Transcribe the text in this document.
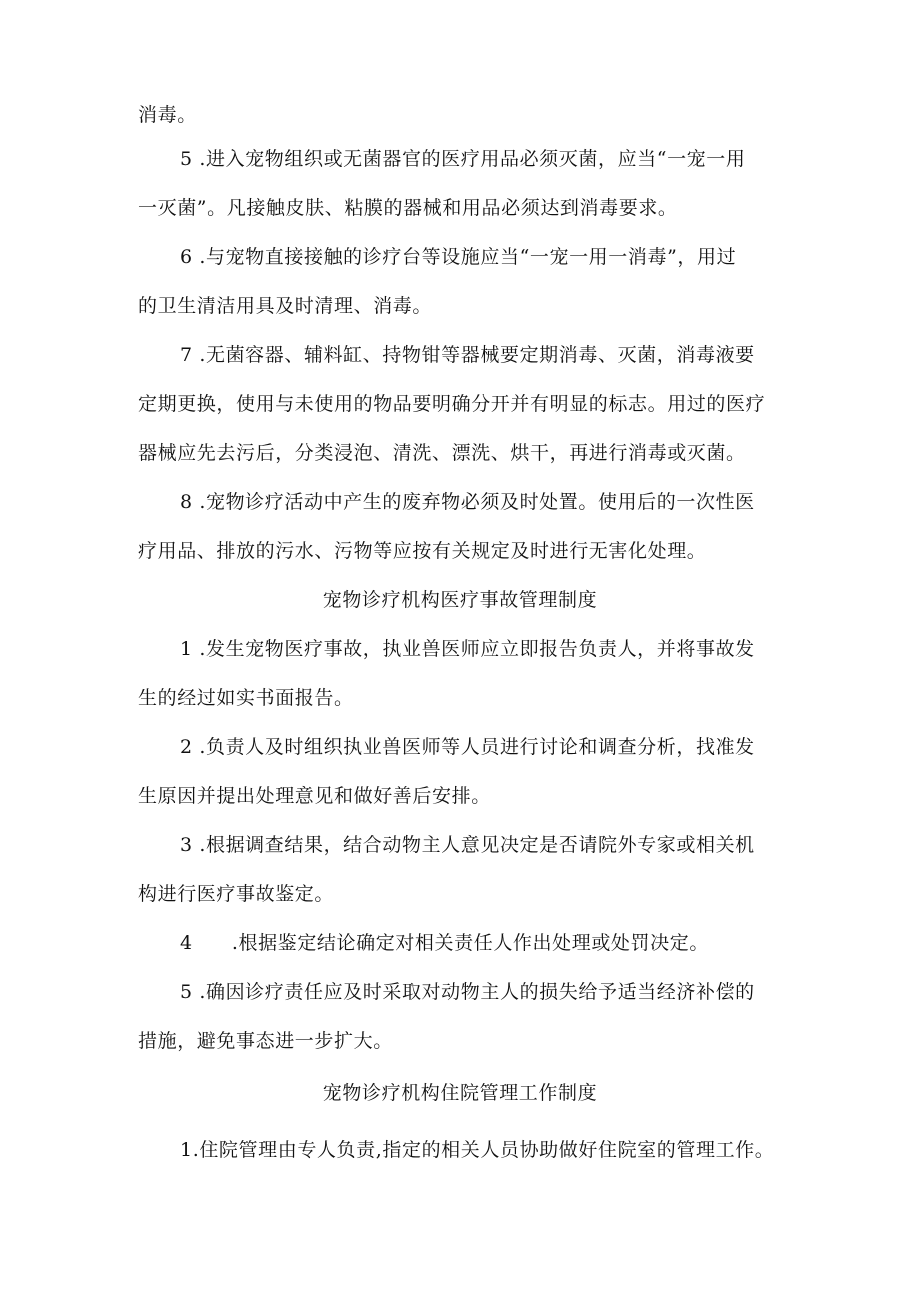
消毒。
5 .进入宠物组织或无菌器官的医疗用品必须灭菌，应当“一宠一用
一灭菌”。凡接触皮肤、粘膜的器械和用品必须达到消毒要求。
6 .与宠物直接接触的诊疗台等设施应当“一宠一用一消毒”，用过
的卫生清洁用具及时清理、消毒。
7 .无菌容器、辅料缸、持物钳等器械要定期消毒、灭菌，消毒液要
定期更换，使用与未使用的物品要明确分开并有明显的标志。用过的医疗
器械应先去污后，分类浸泡、清洗、漂洗、烘干，再进行消毒或灭菌。
8 .宠物诊疗活动中产生的废弃物必须及时处置。使用后的一次性医
疗用品、排放的污水、污物等应按有关规定及时进行无害化处理。
宠物诊疗机构医疗事故管理制度
1 .发生宠物医疗事故，执业兽医师应立即报告负责人，并将事故发
生的经过如实书面报告。
2 .负责人及时组织执业兽医师等人员进行讨论和调查分析，找准发
生原因并提出处理意见和做好善后安排。
3 .根据调查结果，结合动物主人意见决定是否请院外专家或相关机
构进行医疗事故鉴定。
4　　.根据鉴定结论确定对相关责任人作出处理或处罚决定。
5 .确因诊疗责任应及时采取对动物主人的损失给予适当经济补偿的
措施，避免事态进一步扩大。
宠物诊疗机构住院管理工作制度
1.住院管理由专人负责,指定的相关人员协助做好住院室的管理工作。
